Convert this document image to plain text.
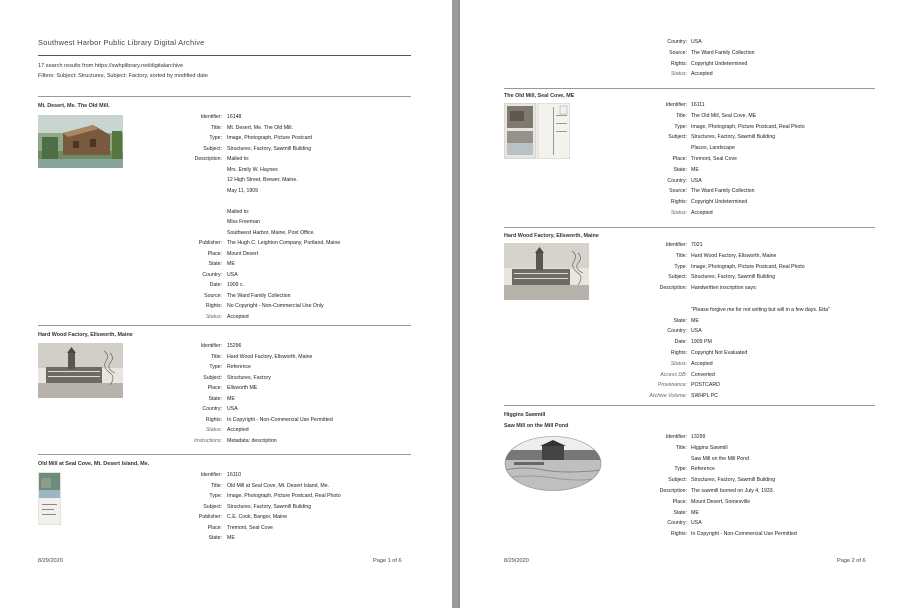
Southwest Harbor Public Library Digital Archive
17 search results from https://swhplibrary.net/digitalarchive
Filters: Subject: Structures, Subject: Factory, sorted by modified date
Mt. Desert, Me. The Old Mill.
Identifier: 16148
Title: Mt. Desert, Me. The Old Mill.
Type: Image, Photograph, Picture Postcard
Subject: Structures, Factory, Sawmill Building
Description: Mailed to:
Mrs. Emily W. Haynes
12 High Street, Brewer, Maine.
May 11, 1909
Mailed to:
Miss Freeman
Southwest Harbor, Maine, Post Office.
Publisher: The Hugh C. Leighton Company, Portland, Maine
Place: Mount Desert
State: ME
Country: USA
Date: 1909 c.
Source: The Ward Family Collection
Rights: No Copyright - Non-Commercial Use Only
Status: Accepted
Hard Wood Factory, Ellsworth, Maine
Identifier: 15296
Title: Hard Wood Factory, Ellsworth, Maine
Type: Reference
Subject: Structures, Factory
Place: Ellsworth ME
State: ME
Country: USA
Rights: In Copyright - Non-Commercial Use Permitted
Status: Accepted
Instructions: Metadata: description
Old Mill at Seal Cove, Mt. Desert Island, Me.
Identifier: 16110
Title: Old Mill at Seal Cove, Mt. Desert Island, Me.
Type: Image, Photograph, Picture Postcard, Real Photo
Subject: Structures, Factory, Sawmill Building
Publisher: C.E. Cook, Bangor, Maine
Place: Tremont, Seal Cove
State: ME
8/29/2020	Page 1 of 6
Country: USA
Source: The Ward Family Collection
Rights: Copyright Undetermined
Status: Accepted
The Old Mill, Seal Cove, ME
Identifier: 16111
Title: The Old Mill, Seal Cove, ME
Type: Image, Photograph, Picture Postcard, Real Photo
Subject: Structures, Factory, Sawmill Building
Places, Landscape
Place: Tremont, Seal Cove
State: ME
Country: USA
Source: The Ward Family Collection
Rights: Copyright Undetermined
Status: Accepted
Hard Wood Factory, Ellsworth, Maine
Identifier: 7021
Title: Hard Wood Factory, Ellsworth, Maine
Type: Image, Photograph, Picture Postcard, Real Photo
Subject: Structures, Factory, Sawmill Building
Description: Handwritten inscription says:
"Please forgive me for not writing but will in a few days. Etta"
State: ME
Country: USA
Date: 1909 PM
Rights: Copyright Not Evaluated
Status: Accepted
Access DB: Converted
Provenance: POSTCARD
Archive Volume: SWHPL PC
Higgins Sawmill
Saw Mill on the Mill Pond
Identifier: 13299
Title: Higgins Sawmill
Saw Mill on the Mill Pond
Type: Reference
Subject: Structures, Factory, Sawmill Building
Description: The sawmill burned on July 4, 1933.
Place: Mount Desert, Somesville
State: ME
Country: USA
Rights: In Copyright - Non-Commercial Use Permitted
8/29/2020	Page 2 of 6
